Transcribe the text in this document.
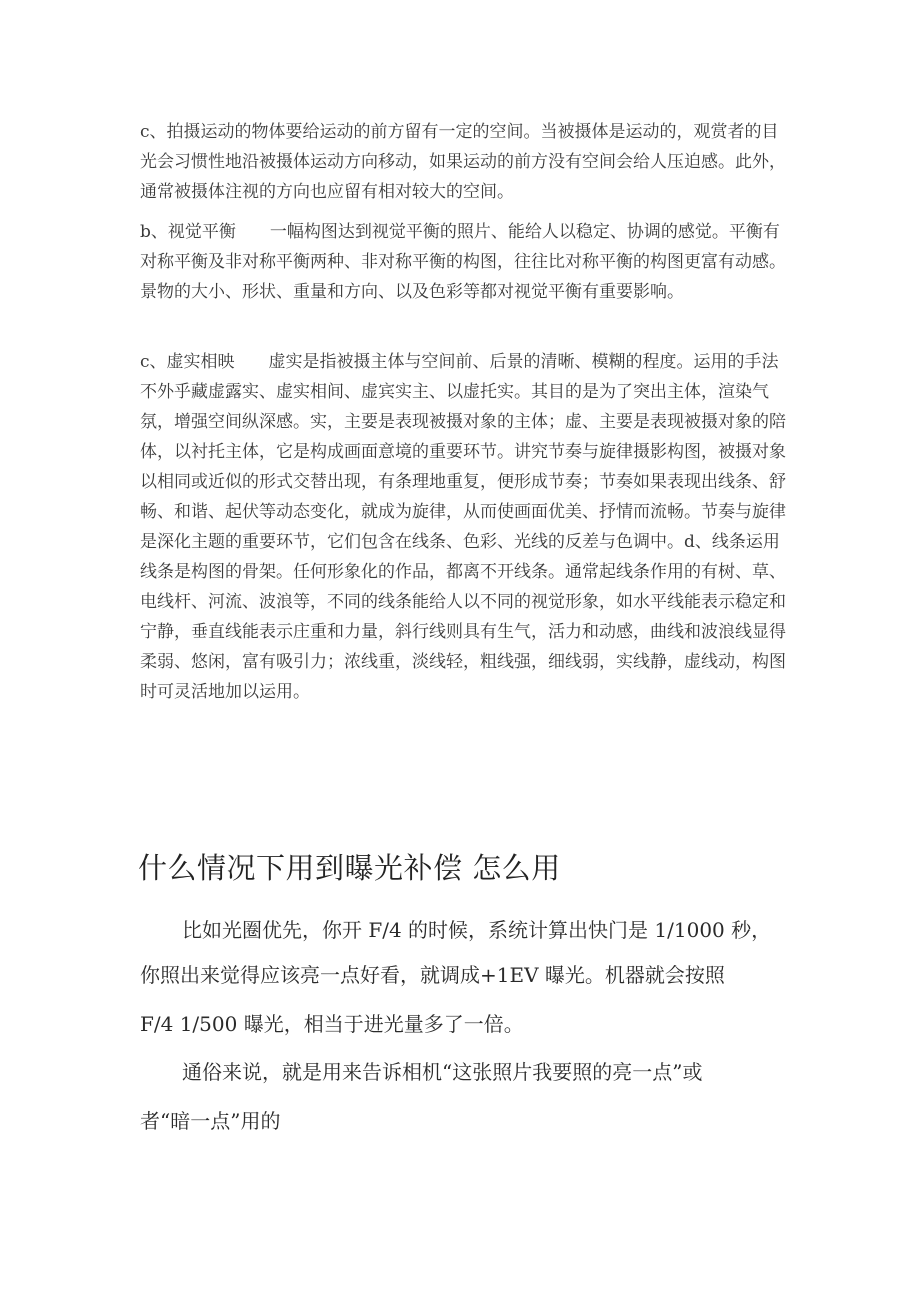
c、拍摄运动的物体要给运动的前方留有一定的空间。当被摄体是运动的，观赏者的目光会习惯性地沿被摄体运动方向移动，如果运动的前方没有空间会给人压迫感。此外，通常被摄体注视的方向也应留有相对较大的空间。

b、视觉平衡　　一幅构图达到视觉平衡的照片、能给人以稳定、协调的感觉。平衡有对称平衡及非对称平衡两种、非对称平衡的构图，往往比对称平衡的构图更富有动感。景物的大小、形状、重量和方向、以及色彩等都对视觉平衡有重要影响。

c、虚实相映　　虚实是指被摄主体与空间前、后景的清晰、模糊的程度。运用的手法不外乎藏虚露实、虚实相间、虚宾实主、以虚托实。其目的是为了突出主体，渲染气氛，增强空间纵深感。实，主要是表现被摄对象的主体；虚、主要是表现被摄对象的陪体，以衬托主体，它是构成画面意境的重要环节。讲究节奏与旋律摄影构图，被摄对象以相同或近似的形式交替出现，有条理地重复，便形成节奏；节奏如果表现出线条、舒畅、和谐、起伏等动态变化，就成为旋律，从而使画面优美、抒情而流畅。节奏与旋律是深化主题的重要环节，它们包含在线条、色彩、光线的反差与色调中。d、线条运用　　线条是构图的骨架。任何形象化的作品，都离不开线条。通常起线条作用的有树、草、电线杆、河流、波浪等，不同的线条能给人以不同的视觉形象，如水平线能表示稳定和宁静，垂直线能表示庄重和力量，斜行线则具有生气，活力和动感，曲线和波浪线显得柔弱、悠闲，富有吸引力；浓线重，淡线轻，粗线强，细线弱，实线静，虚线动，构图时可灵活地加以运用。

什么情况下用到曝光补偿 怎么用

比如光圈优先，你开 F/4 的时候，系统计算出快门是 1/1000 秒，

你照出来觉得应该亮一点好看，就调成+1EV 曝光。机器就会按照

F/4 1/500 曝光，相当于进光量多了一倍。

通俗来说，就是用来告诉相机“这张照片我要照的亮一点”或

者“暗一点”用的
